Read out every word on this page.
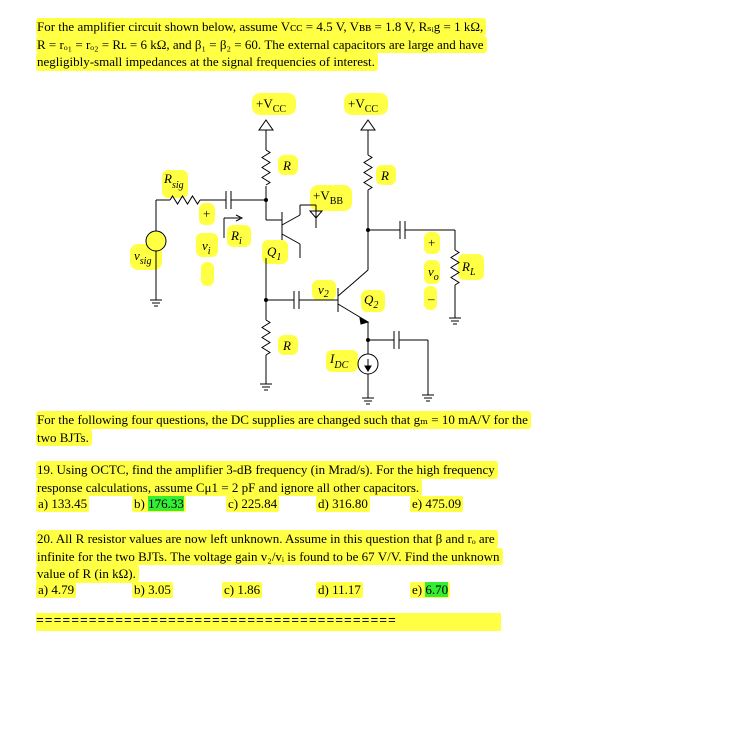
For the amplifier circuit shown below, assume Vᴄᴄ = 4.5 V, Vʙʙ = 1.8 V, Rₛᵢg = 1 kΩ,
R = rₒ₁ = rₒ₂ = Rʟ = 6 kΩ, and β₁ = β₂ = 60. The external capacitors are large and have
negligibly-small impedances at the signal frequencies of interest.
$+V_{CC}$	$+V_{CC}$
R
R
$R_{sig}$
$+V_{BB}$
+
$R_i$
$v_i$
$v_{sig}$
$Q_1$
$v_2$	$Q_2$
R
$I_{DC}$
+
$v_o$
–
$R_L$
For the following four questions, the DC supplies are changed such that gₘ = 10 mA/V for the
two BJTs.
19. Using OCTC, find the amplifier 3-dB frequency (in Mrad/s). For the high frequency
response calculations, assume Cμ1 = 2 pF and ignore all other capacitors.
a) 133.45	b) 176.33	c) 225.84	d) 316.80	e) 475.09
20. All R resistor values are now left unknown. Assume in this question that β and rₒ are
infinite for the two BJTs. The voltage gain v₂/vᵢ is found to be 67 V/V. Find the unknown
value of R (in kΩ).
a) 4.79	b) 3.05	c) 1.86	d) 11.17	e) 6.70
=========================================
